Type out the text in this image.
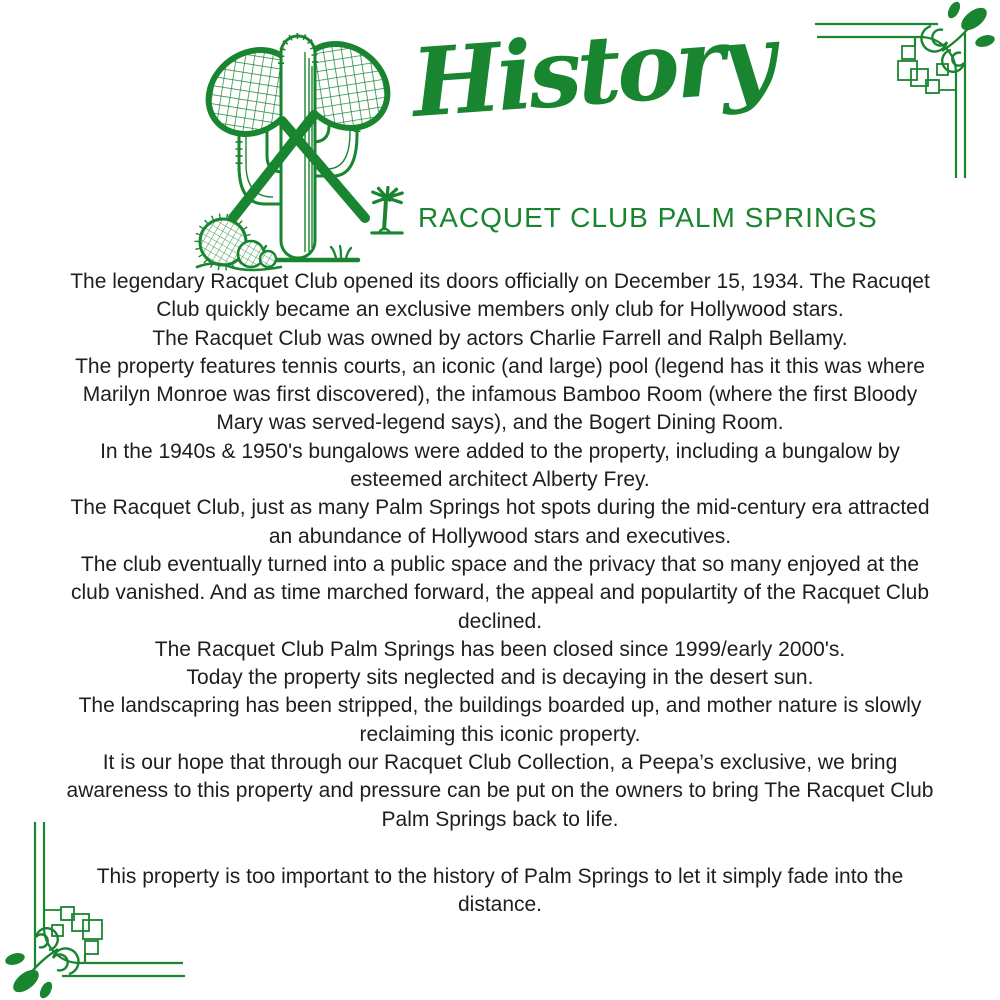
History
RACQUET CLUB PALM SPRINGS

The legendary Racquet Club opened its doors officially on December 15, 1934. The Racuqet Club quickly became an exclusive members only club for Hollywood stars.

The Racquet Club was owned by actors Charlie Farrell and Ralph Bellamy.

The property features tennis courts, an iconic (and large) pool (legend has it this was where Marilyn Monroe was first discovered), the infamous Bamboo Room (where the first Bloody Mary was served-legend says), and the Bogert Dining Room.

In the 1940s & 1950's bungalows were added to the property, including a bungalow by esteemed architect Alberty Frey.

The Racquet Club, just as many Palm Springs hot spots during the mid-century era attracted an abundance of Hollywood stars and executives.

The club eventually turned into a public space and the privacy that so many enjoyed at the club vanished. And as time marched forward, the appeal and populartity of the Racquet Club declined.

The Racquet Club Palm Springs has been closed since 1999/early 2000's.

Today the property sits neglected and is decaying in the desert sun.

The landscapring has been stripped, the buildings boarded up, and mother nature is slowly reclaiming this iconic property.

It is our hope that through our Racquet Club Collection, a Peepa’s exclusive, we bring awareness to this property and pressure can be put on the owners to bring The Racquet Club Palm Springs back to life.

This property is too important to the history of Palm Springs to let it simply fade into the distance.
